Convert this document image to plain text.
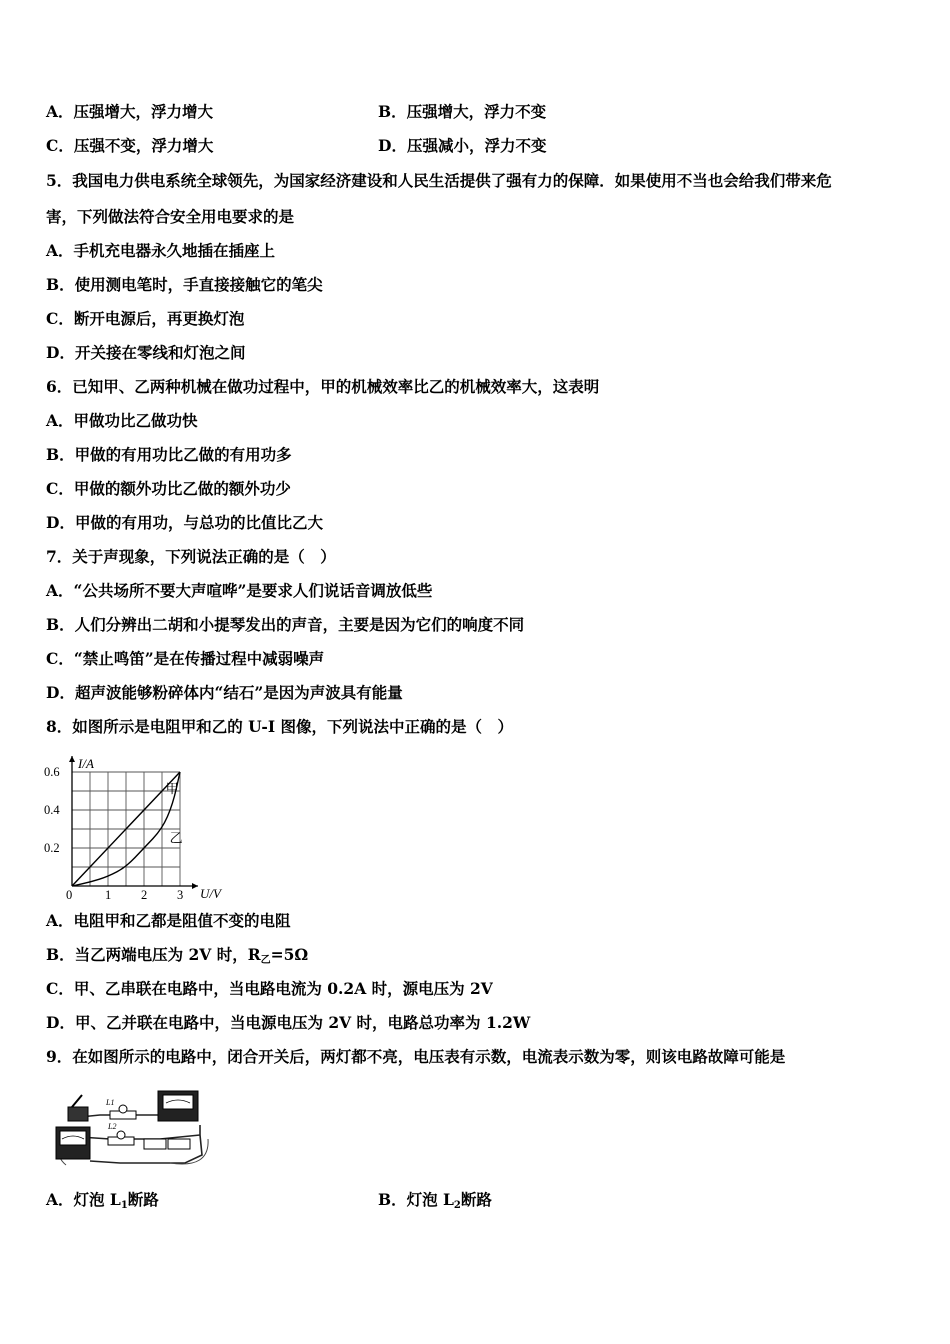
A．压强增大，浮力增大	B．压强增大，浮力不变
C．压强不变，浮力增大	D．压强减小，浮力不变
5．我国电力供电系统全球领先，为国家经济建设和人民生活提供了强有力的保障．如果使用不当也会给我们带来危
害，下列做法符合安全用电要求的是
A．手机充电器永久地插在插座上
B．使用测电笔时，手直接接触它的笔尖
C．断开电源后，再更换灯泡
D．开关接在零线和灯泡之间
6．已知甲、乙两种机械在做功过程中，甲的机械效率比乙的机械效率大，这表明
A．甲做功比乙做功快
B．甲做的有用功比乙做的有用功多
C．甲做的额外功比乙做的额外功少
D．甲做的有用功，与总功的比值比乙大
7．关于声现象，下列说法正确的是（　）
A．“公共场所不要大声喧哗”是要求人们说话音调放低些
B．人们分辨出二胡和小提琴发出的声音，主要是因为它们的响度不同
C．“禁止鸣笛”是在传播过程中减弱噪声
D．超声波能够粉碎体内“结石”是因为声波具有能量
8．如图所示是电阻甲和乙的 U-I 图像，下列说法中正确的是（　）
U/V
I/A
0	1 2 3
0.2
0.4
0.6
甲
乙
A．电阻甲和乙都是阻值不变的电阻
B．当乙两端电压为 2V 时，$R_乙=5\Omega$
C．甲、乙串联在电路中，当电路电流为 0.2A 时，源电压为 2V
D．甲、乙并联在电路中，当电源电压为 2V 时，电路总功率为 1.2W
9．在如图所示的电路中，闭合开关后，两灯都不亮，电压表有示数，电流表示数为零，则该电路故障可能是
L1
L2
A．灯泡 $L_1$断路	B．灯泡 $L_2$断路
